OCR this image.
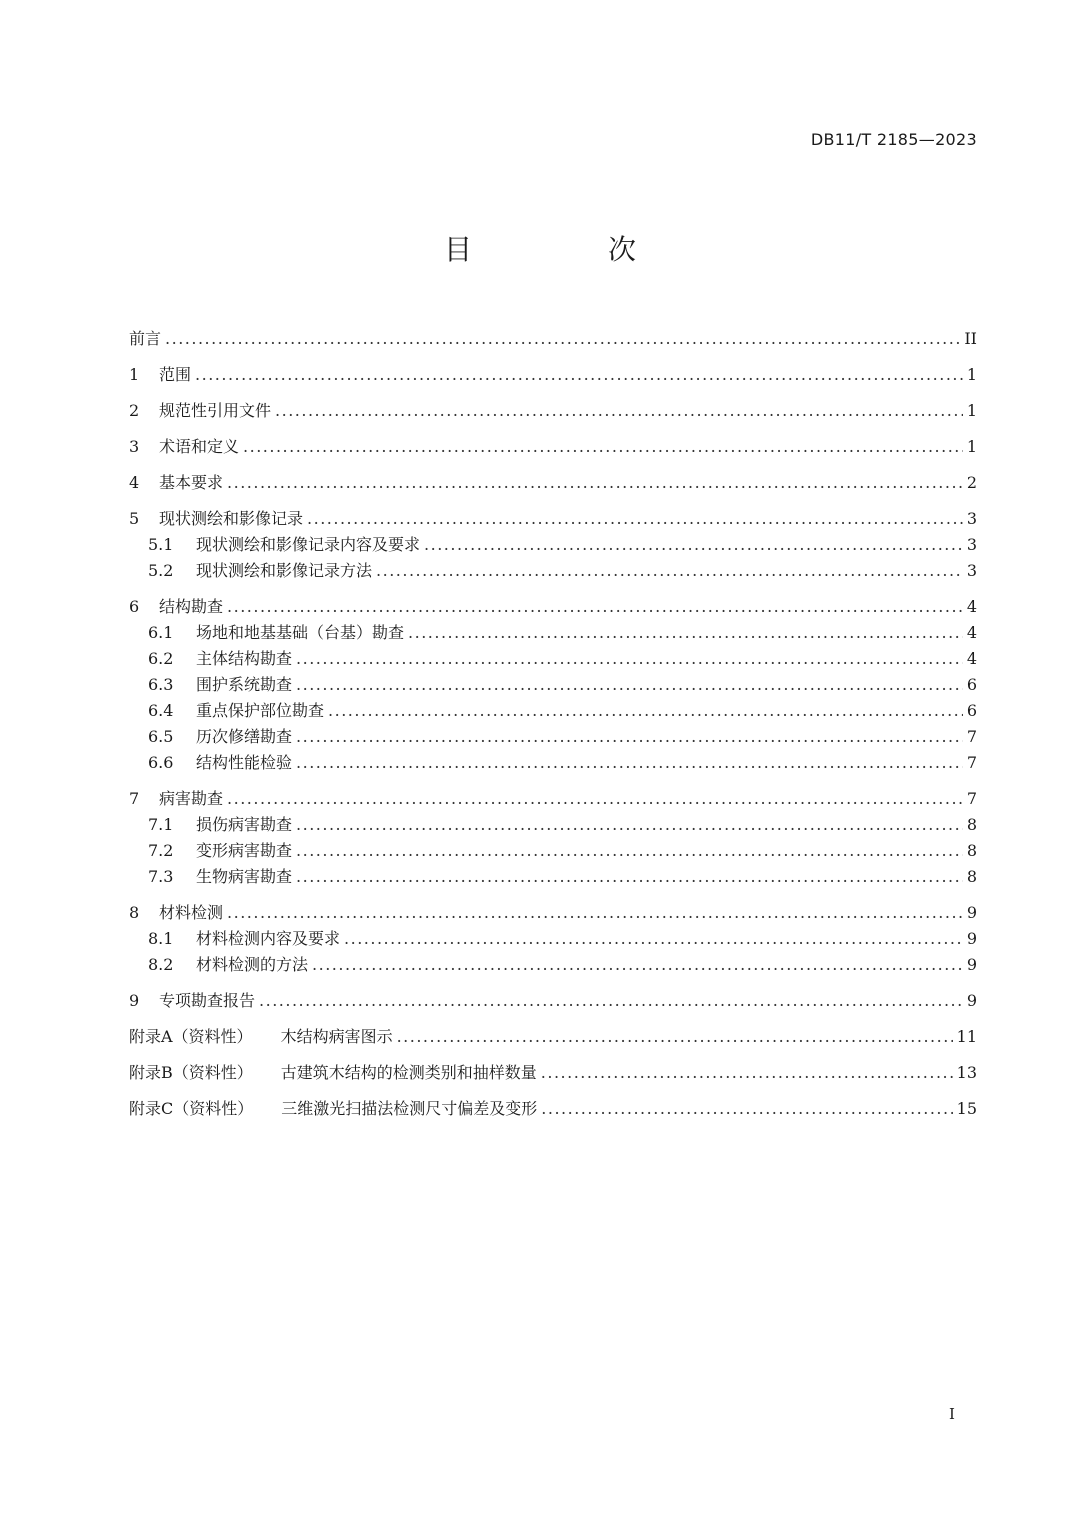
DB11/T 2185—2023
目　次
前言 .....	II
1	范围 .....	1
2	规范性引用文件 .....	1
3	术语和定义 .....	1
4	基本要求 .....	2
5	现状测绘和影像记录 .....	3
5.1	现状测绘和影像记录内容及要求 .....	3
5.2	现状测绘和影像记录方法 .....	3
6	结构勘查 .....	4
6.1	场地和地基基础（台基）勘查 .....	4
6.2	主体结构勘查 .....	4
6.3	围护系统勘查 .....	6
6.4	重点保护部位勘查 .....	6
6.5	历次修缮勘查 .....	7
6.6	结构性能检验 .....	7
7	病害勘查 .....	7
7.1	损伤病害勘查 .....	8
7.2	变形病害勘查 .....	8
7.3	生物病害勘查 .....	8
8	材料检测 .....	9
8.1	材料检测内容及要求 .....	9
8.2	材料检测的方法 .....	9
9	专项勘查报告 .....	9
附录A（资料性） 木结构病害图示 .....	11
附录B（资料性） 古建筑木结构的检测类别和抽样数量 .....	13
附录C（资料性） 三维激光扫描法检测尺寸偏差及变形 .....	15
I
